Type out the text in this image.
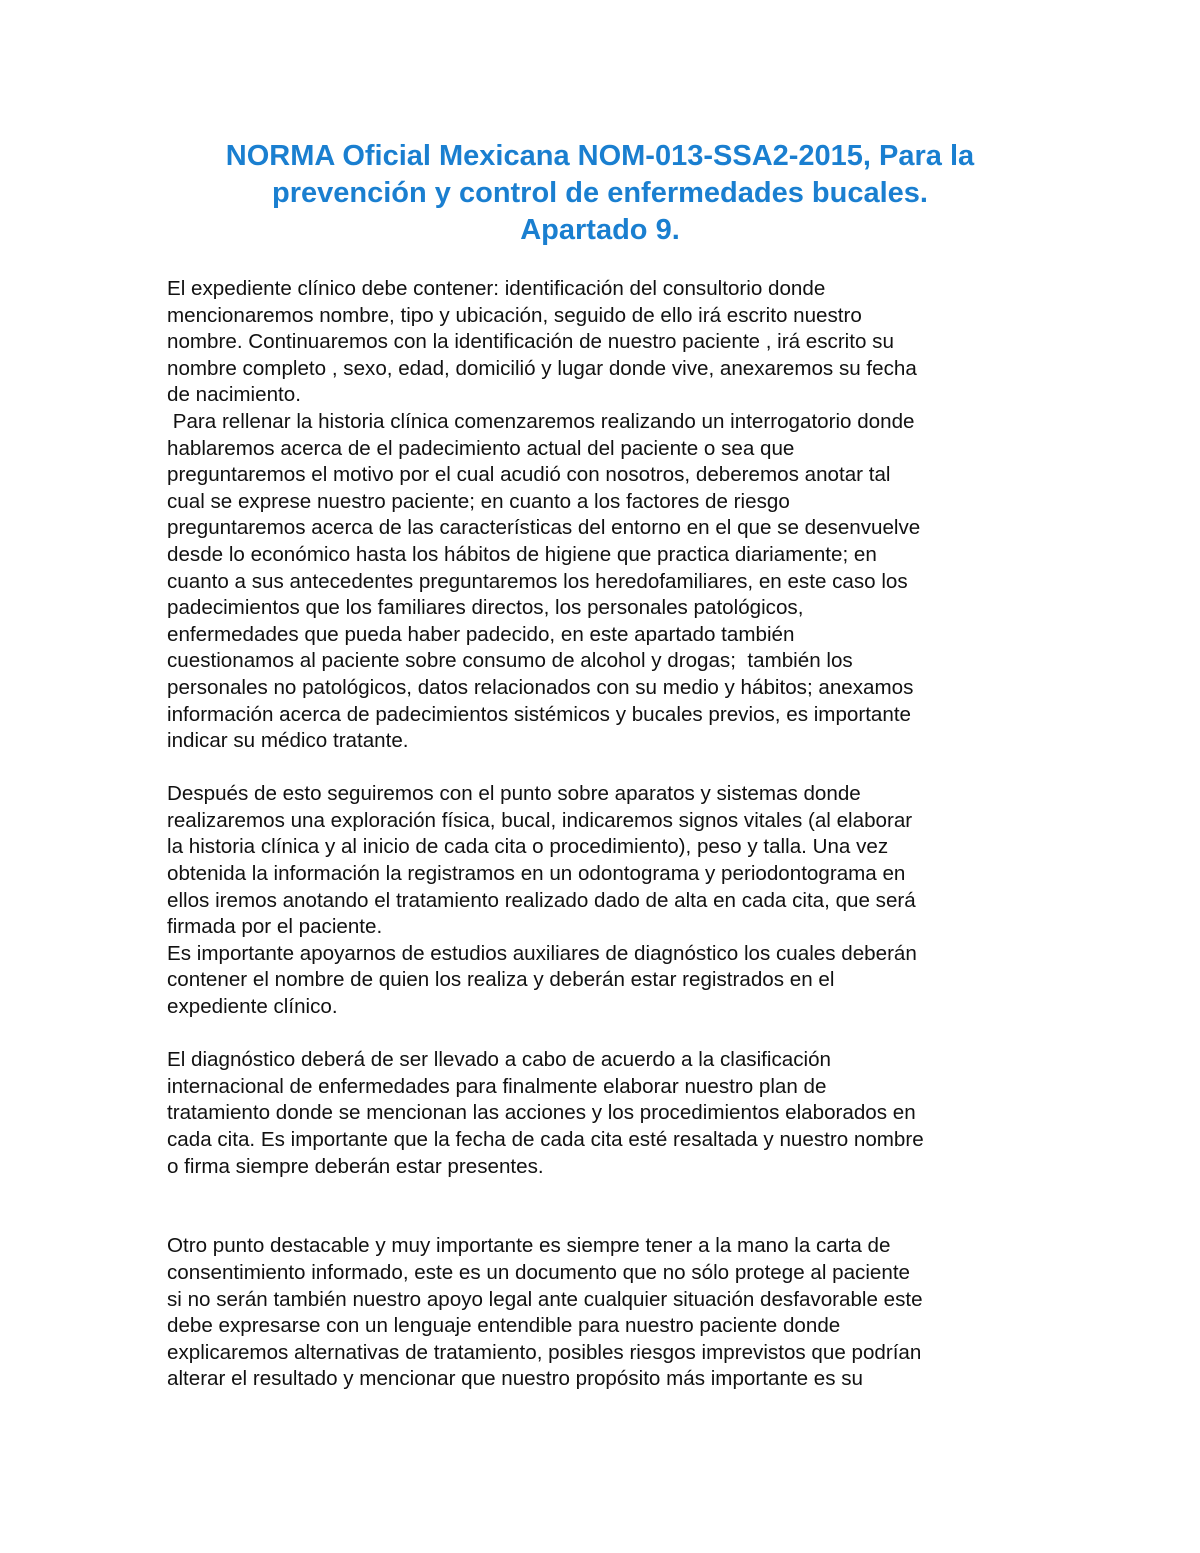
NORMA Oficial Mexicana NOM-013-SSA2-2015, Para la
prevención y control de enfermedades bucales.
Apartado 9.
El expediente clínico debe contener: identificación del consultorio donde
mencionaremos nombre, tipo y ubicación, seguido de ello irá escrito nuestro
nombre. Continuaremos con la identificación de nuestro paciente , irá escrito su
nombre completo , sexo, edad, domicilió y lugar donde vive, anexaremos su fecha
de nacimiento.
Para rellenar la historia clínica comenzaremos realizando un interrogatorio donde
hablaremos acerca de el padecimiento actual del paciente o sea que
preguntaremos el motivo por el cual acudió con nosotros, deberemos anotar tal
cual se exprese nuestro paciente; en cuanto a los factores de riesgo
preguntaremos acerca de las características del entorno en el que se desenvuelve
desde lo económico hasta los hábitos de higiene que practica diariamente; en
cuanto a sus antecedentes preguntaremos los heredofamiliares, en este caso los
padecimientos que los familiares directos, los personales patológicos,
enfermedades que pueda haber padecido, en este apartado también
cuestionamos al paciente sobre consumo de alcohol y drogas;  también los
personales no patológicos, datos relacionados con su medio y hábitos; anexamos
información acerca de padecimientos sistémicos y bucales previos, es importante
indicar su médico tratante.
Después de esto seguiremos con el punto sobre aparatos y sistemas donde
realizaremos una exploración física, bucal, indicaremos signos vitales (al elaborar
la historia clínica y al inicio de cada cita o procedimiento), peso y talla. Una vez
obtenida la información la registramos en un odontograma y periodontograma en
ellos iremos anotando el tratamiento realizado dado de alta en cada cita, que será
firmada por el paciente.
Es importante apoyarnos de estudios auxiliares de diagnóstico los cuales deberán
contener el nombre de quien los realiza y deberán estar registrados en el
expediente clínico.
El diagnóstico deberá de ser llevado a cabo de acuerdo a la clasificación
internacional de enfermedades para finalmente elaborar nuestro plan de
tratamiento donde se mencionan las acciones y los procedimientos elaborados en
cada cita. Es importante que la fecha de cada cita esté resaltada y nuestro nombre
o firma siempre deberán estar presentes.
Otro punto destacable y muy importante es siempre tener a la mano la carta de
consentimiento informado, este es un documento que no sólo protege al paciente
si no serán también nuestro apoyo legal ante cualquier situación desfavorable este
debe expresarse con un lenguaje entendible para nuestro paciente donde
explicaremos alternativas de tratamiento, posibles riesgos imprevistos que podrían
alterar el resultado y mencionar que nuestro propósito más importante es su
